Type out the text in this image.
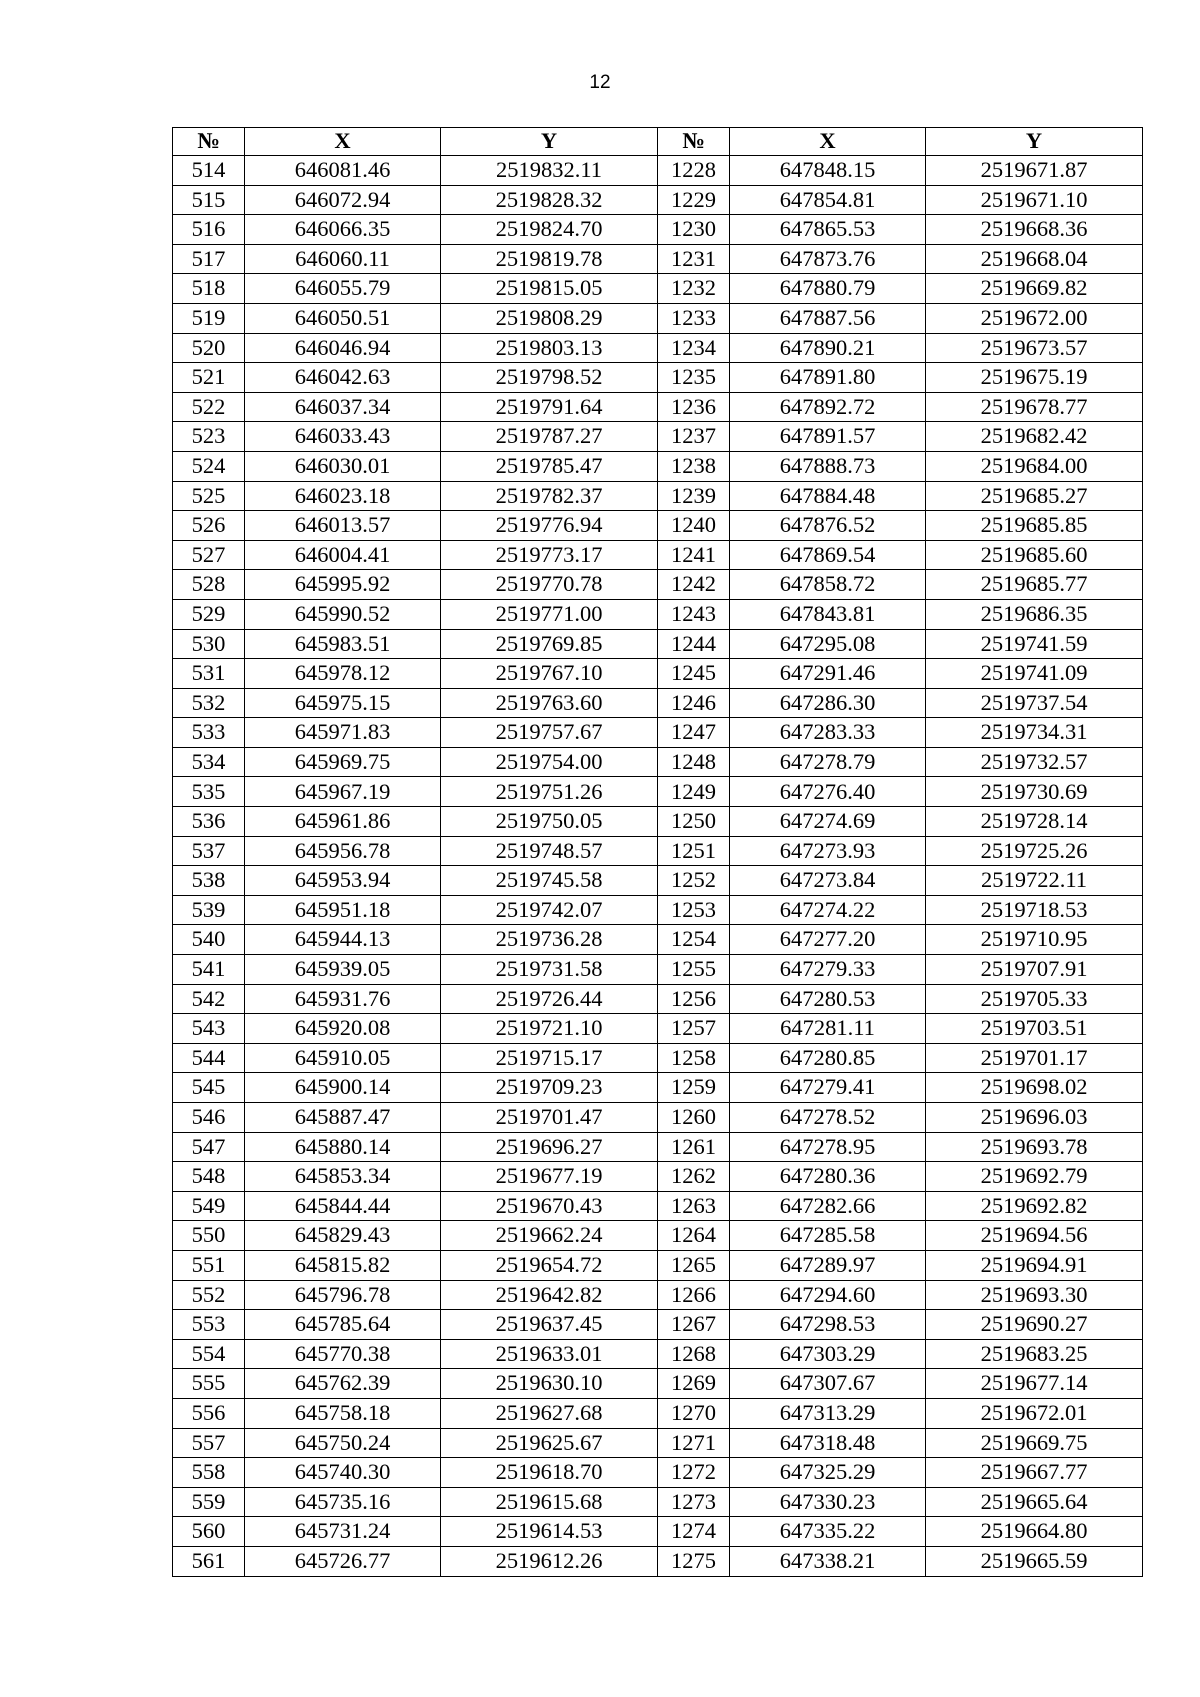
12
№	X	Y	№	X	Y
514	646081.46	2519832.11	1228	647848.15	2519671.87
515	646072.94	2519828.32	1229	647854.81	2519671.10
516	646066.35	2519824.70	1230	647865.53	2519668.36
517	646060.11	2519819.78	1231	647873.76	2519668.04
518	646055.79	2519815.05	1232	647880.79	2519669.82
519	646050.51	2519808.29	1233	647887.56	2519672.00
520	646046.94	2519803.13	1234	647890.21	2519673.57
521	646042.63	2519798.52	1235	647891.80	2519675.19
522	646037.34	2519791.64	1236	647892.72	2519678.77
523	646033.43	2519787.27	1237	647891.57	2519682.42
524	646030.01	2519785.47	1238	647888.73	2519684.00
525	646023.18	2519782.37	1239	647884.48	2519685.27
526	646013.57	2519776.94	1240	647876.52	2519685.85
527	646004.41	2519773.17	1241	647869.54	2519685.60
528	645995.92	2519770.78	1242	647858.72	2519685.77
529	645990.52	2519771.00	1243	647843.81	2519686.35
530	645983.51	2519769.85	1244	647295.08	2519741.59
531	645978.12	2519767.10	1245	647291.46	2519741.09
532	645975.15	2519763.60	1246	647286.30	2519737.54
533	645971.83	2519757.67	1247	647283.33	2519734.31
534	645969.75	2519754.00	1248	647278.79	2519732.57
535	645967.19	2519751.26	1249	647276.40	2519730.69
536	645961.86	2519750.05	1250	647274.69	2519728.14
537	645956.78	2519748.57	1251	647273.93	2519725.26
538	645953.94	2519745.58	1252	647273.84	2519722.11
539	645951.18	2519742.07	1253	647274.22	2519718.53
540	645944.13	2519736.28	1254	647277.20	2519710.95
541	645939.05	2519731.58	1255	647279.33	2519707.91
542	645931.76	2519726.44	1256	647280.53	2519705.33
543	645920.08	2519721.10	1257	647281.11	2519703.51
544	645910.05	2519715.17	1258	647280.85	2519701.17
545	645900.14	2519709.23	1259	647279.41	2519698.02
546	645887.47	2519701.47	1260	647278.52	2519696.03
547	645880.14	2519696.27	1261	647278.95	2519693.78
548	645853.34	2519677.19	1262	647280.36	2519692.79
549	645844.44	2519670.43	1263	647282.66	2519692.82
550	645829.43	2519662.24	1264	647285.58	2519694.56
551	645815.82	2519654.72	1265	647289.97	2519694.91
552	645796.78	2519642.82	1266	647294.60	2519693.30
553	645785.64	2519637.45	1267	647298.53	2519690.27
554	645770.38	2519633.01	1268	647303.29	2519683.25
555	645762.39	2519630.10	1269	647307.67	2519677.14
556	645758.18	2519627.68	1270	647313.29	2519672.01
557	645750.24	2519625.67	1271	647318.48	2519669.75
558	645740.30	2519618.70	1272	647325.29	2519667.77
559	645735.16	2519615.68	1273	647330.23	2519665.64
560	645731.24	2519614.53	1274	647335.22	2519664.80
561	645726.77	2519612.26	1275	647338.21	2519665.59
